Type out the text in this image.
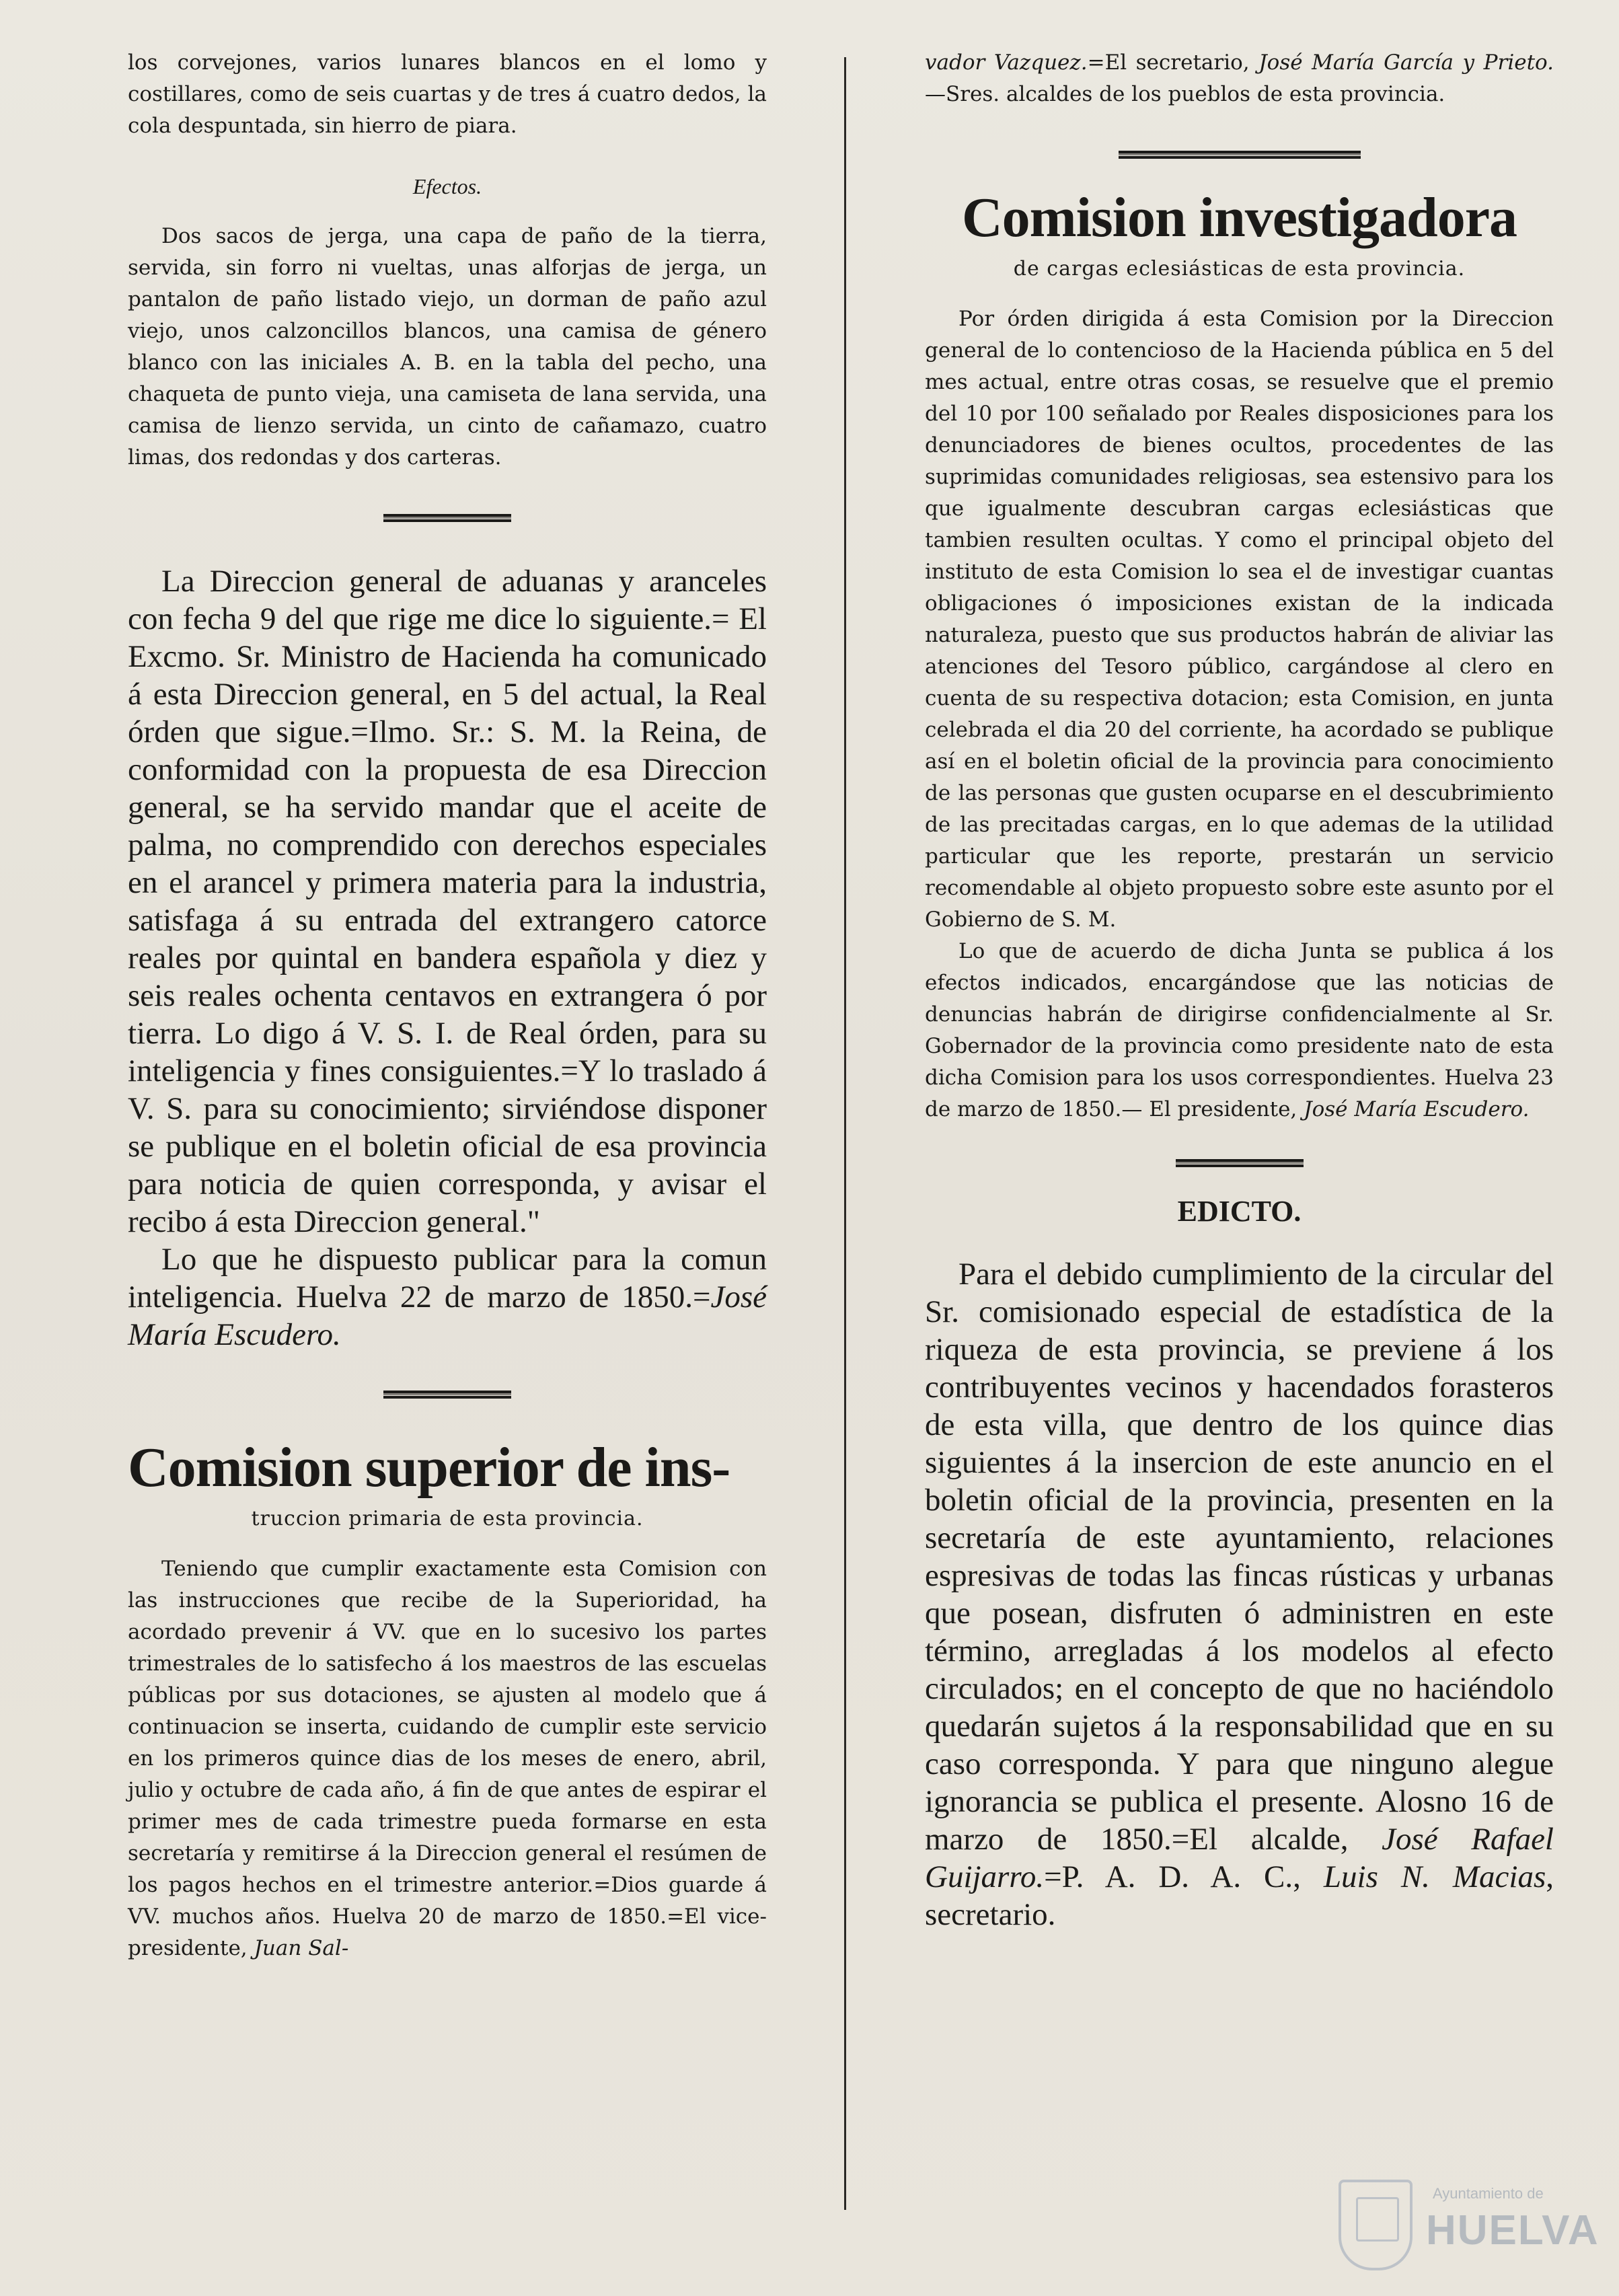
los corvejones, varios lunares blancos en el lomo y costillares, como de seis cuartas y de tres á cuatro dedos, la cola despuntada, sin hierro de piara.

Efectos.

Dos sacos de jerga, una capa de paño de la tierra, servida, sin forro ni vueltas, unas alforjas de jerga, un pantalon de paño listado viejo, un dorman de paño azul viejo, unos calzoncillos blancos, una camisa de género blanco con las iniciales A. B. en la tabla del pecho, una chaqueta de punto vieja, una camiseta de lana servida, una camisa de lienzo servida, un cinto de cañamazo, cuatro limas, dos redondas y dos carteras.

La Direccion general de aduanas y aranceles con fecha 9 del que rige me dice lo siguiente.= El Excmo. Sr. Ministro de Hacienda ha comunicado á esta Direccion general, en 5 del actual, la Real órden que sigue.=Ilmo. Sr.: S. M. la Reina, de conformidad con la propuesta de esa Direccion general, se ha servido mandar que el aceite de palma, no comprendido con derechos especiales en el arancel y primera materia para la industria, satisfaga á su entrada del extrangero catorce reales por quintal en bandera española y diez y seis reales ochenta centavos en extrangera ó por tierra. Lo digo á V. S. I. de Real órden, para su inteligencia y fines consiguientes.=Y lo traslado á V. S. para su conocimiento; sirviéndose disponer se publique en el boletin oficial de esa provincia para noticia de quien corresponda, y avisar el recibo á esta Direccion general."

Lo que he dispuesto publicar para la comun inteligencia. Huelva 22 de marzo de 1850.=José María Escudero.

Comision superior de ins-
truccion primaria de esta provincia.

Teniendo que cumplir exactamente esta Comision con las instrucciones que recibe de la Superioridad, ha acordado prevenir á VV. que en lo sucesivo los partes trimestrales de lo satisfecho á los maestros de las escuelas públicas por sus dotaciones, se ajusten al modelo que á continuacion se inserta, cuidando de cumplir este servicio en los primeros quince dias de los meses de enero, abril, julio y octubre de cada año, á fin de que antes de espirar el primer mes de cada trimestre pueda formarse en esta secretaría y remitirse á la Direccion general el resúmen de los pagos hechos en el trimestre anterior.=Dios guarde á VV. muchos años. Huelva 20 de marzo de 1850.=El vice-presidente, Juan Sal-

vador Vazquez.=El secretario, José María García y Prieto.—Sres. alcaldes de los pueblos de esta provincia.

Comision investigadora
de cargas eclesiásticas de esta provincia.

Por órden dirigida á esta Comision por la Direccion general de lo contencioso de la Hacienda pública en 5 del mes actual, entre otras cosas, se resuelve que el premio del 10 por 100 señalado por Reales disposiciones para los denunciadores de bienes ocultos, procedentes de las suprimidas comunidades religiosas, sea estensivo para los que igualmente descubran cargas eclesiásticas que tambien resulten ocultas. Y como el principal objeto del instituto de esta Comision lo sea el de investigar cuantas obligaciones ó imposiciones existan de la indicada naturaleza, puesto que sus productos habrán de aliviar las atenciones del Tesoro público, cargándose al clero en cuenta de su respectiva dotacion; esta Comision, en junta celebrada el dia 20 del corriente, ha acordado se publique así en el boletin oficial de la provincia para conocimiento de las personas que gusten ocuparse en el descubrimiento de las precitadas cargas, en lo que ademas de la utilidad particular que les reporte, prestarán un servicio recomendable al objeto propuesto sobre este asunto por el Gobierno de S. M.

Lo que de acuerdo de dicha Junta se publica á los efectos indicados, encargándose que las noticias de denuncias habrán de dirigirse confidencialmente al Sr. Gobernador de la provincia como presidente nato de esta dicha Comision para los usos correspondientes. Huelva 23 de marzo de 1850.— El presidente, José María Escudero.

EDICTO.

Para el debido cumplimiento de la circular del Sr. comisionado especial de estadística de la riqueza de esta provincia, se previene á los contribuyentes vecinos y hacendados forasteros de esta villa, que dentro de los quince dias siguientes á la insercion de este anuncio en el boletin oficial de la provincia, presenten en la secretaría de este ayuntamiento, relaciones espresivas de todas las fincas rústicas y urbanas que posean, disfruten ó administren en este término, arregladas á los modelos al efecto circulados; en el concepto de que no haciéndolo quedarán sujetos á la responsabilidad que en su caso corresponda. Y para que ninguno alegue ignorancia se publica el presente. Alosno 16 de marzo de 1850.=El alcalde, José Rafael Guijarro.=P. A. D. A. C., Luis N. Macias, secretario.

Ayuntamiento de
HUELVA
